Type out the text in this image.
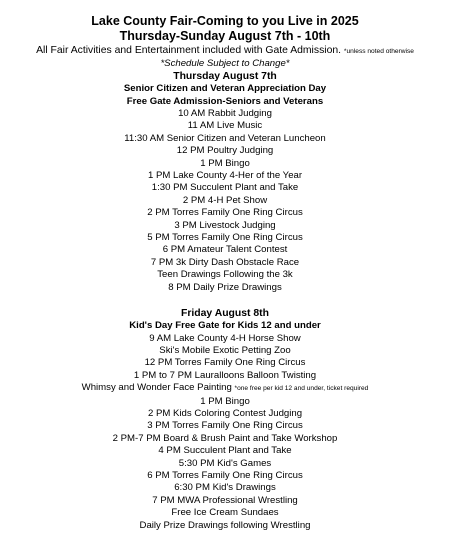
Lake County Fair-Coming to you Live in 2025
Thursday-Sunday August 7th - 10th
All Fair Activities and Entertainment included with Gate Admission. *unless noted otherwise
*Schedule Subject to Change*
Thursday August 7th
Senior Citizen and Veteran Appreciation Day
Free Gate Admission-Seniors and Veterans
10 AM Rabbit Judging
11 AM Live Music
11:30 AM Senior Citizen and Veteran Luncheon
12 PM Poultry Judging
1 PM Bingo
1 PM Lake County 4-Her of the Year
1:30 PM Succulent Plant and Take
2 PM 4-H Pet Show
2 PM Torres Family One Ring Circus
3 PM Livestock Judging
5 PM Torres Family One Ring Circus
6 PM Amateur Talent Contest
7 PM 3k Dirty Dash Obstacle Race
Teen Drawings Following the 3k
8 PM Daily Prize Drawings
Friday August 8th
Kid's Day Free Gate for Kids 12 and under
9 AM Lake County 4-H Horse Show
Ski's Mobile Exotic Petting Zoo
12 PM Torres Family One Ring Circus
1 PM to 7 PM Lauralloons Balloon Twisting
Whimsy and Wonder Face Painting *one free per kid 12 and under, ticket required
1 PM Bingo
2 PM Kids Coloring Contest Judging
3 PM Torres Family One Ring Circus
2 PM-7 PM Board & Brush Paint and Take Workshop
4 PM Succulent Plant and Take
5:30 PM Kid's Games
6 PM Torres Family One Ring Circus
6:30 PM Kid's Drawings
7 PM MWA Professional Wrestling
Free Ice Cream Sundaes
Daily Prize Drawings following Wrestling
